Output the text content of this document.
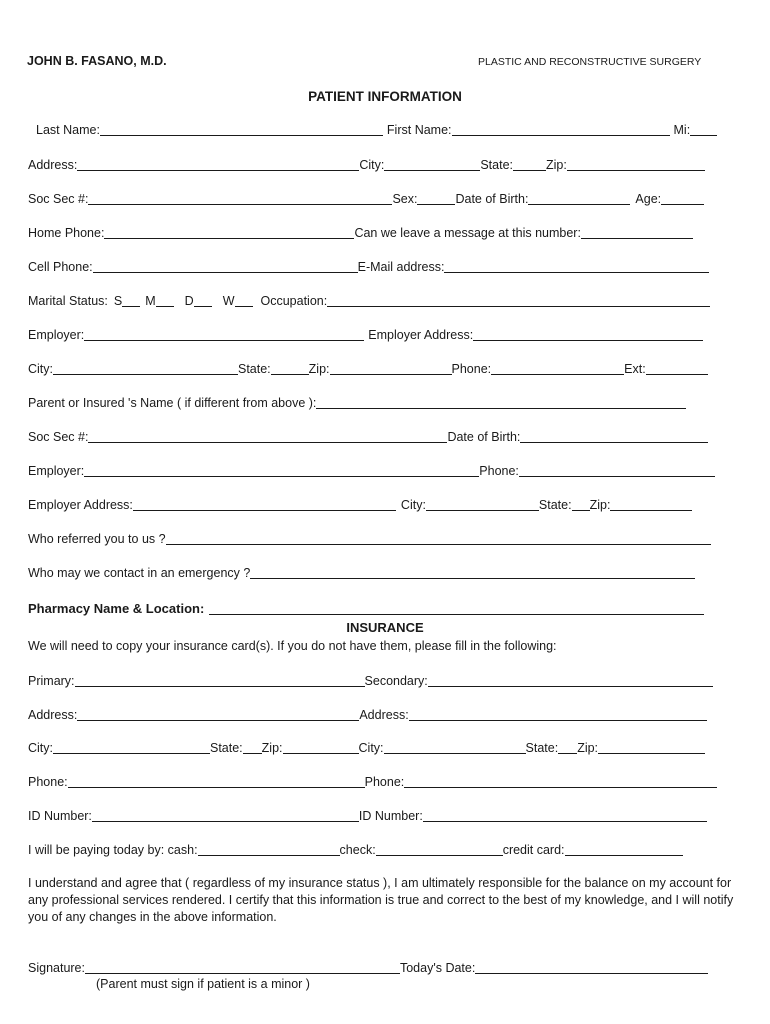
JOHN B. FASANO, M.D.	PLASTIC AND RECONSTRUCTIVE SURGERY
PATIENT INFORMATION
Last Name:	First Name:	Mi:
Address:	City:	State:	Zip:
Soc Sec #:	Sex:	Date of Birth:	Age:
Home Phone:	Can we leave a message at this number:
Cell Phone:	E-Mail address:
Marital Status: S M D W Occupation:
Employer:	Employer Address:
City:	State:	Zip:	Phone:	Ext:
Parent or Insured 's Name ( if different from above ):
Soc Sec #:	Date of Birth:
Employer:	Phone:
Employer Address:	City:	State: Zip:
Who referred you to us ?
Who may we contact in an emergency ?
Pharmacy Name & Location:
INSURANCE
We will need to copy your insurance card(s). If you do not have them, please fill in the following:
Primary:	Secondary:
Address:	Address:
City:	State: Zip:	City:	State: Zip:
Phone:	Phone:
ID Number:	ID Number:
I will be paying today by: cash:	check:	credit card:

I understand and agree that ( regardless of my insurance status ), I am ultimately responsible for the balance on my account for any professional services rendered. I certify that this information is true and correct to the best of my knowledge, and I will notify you of any changes in the above information.

Signature:	Today's Date:
(Parent must sign if patient is a minor )
